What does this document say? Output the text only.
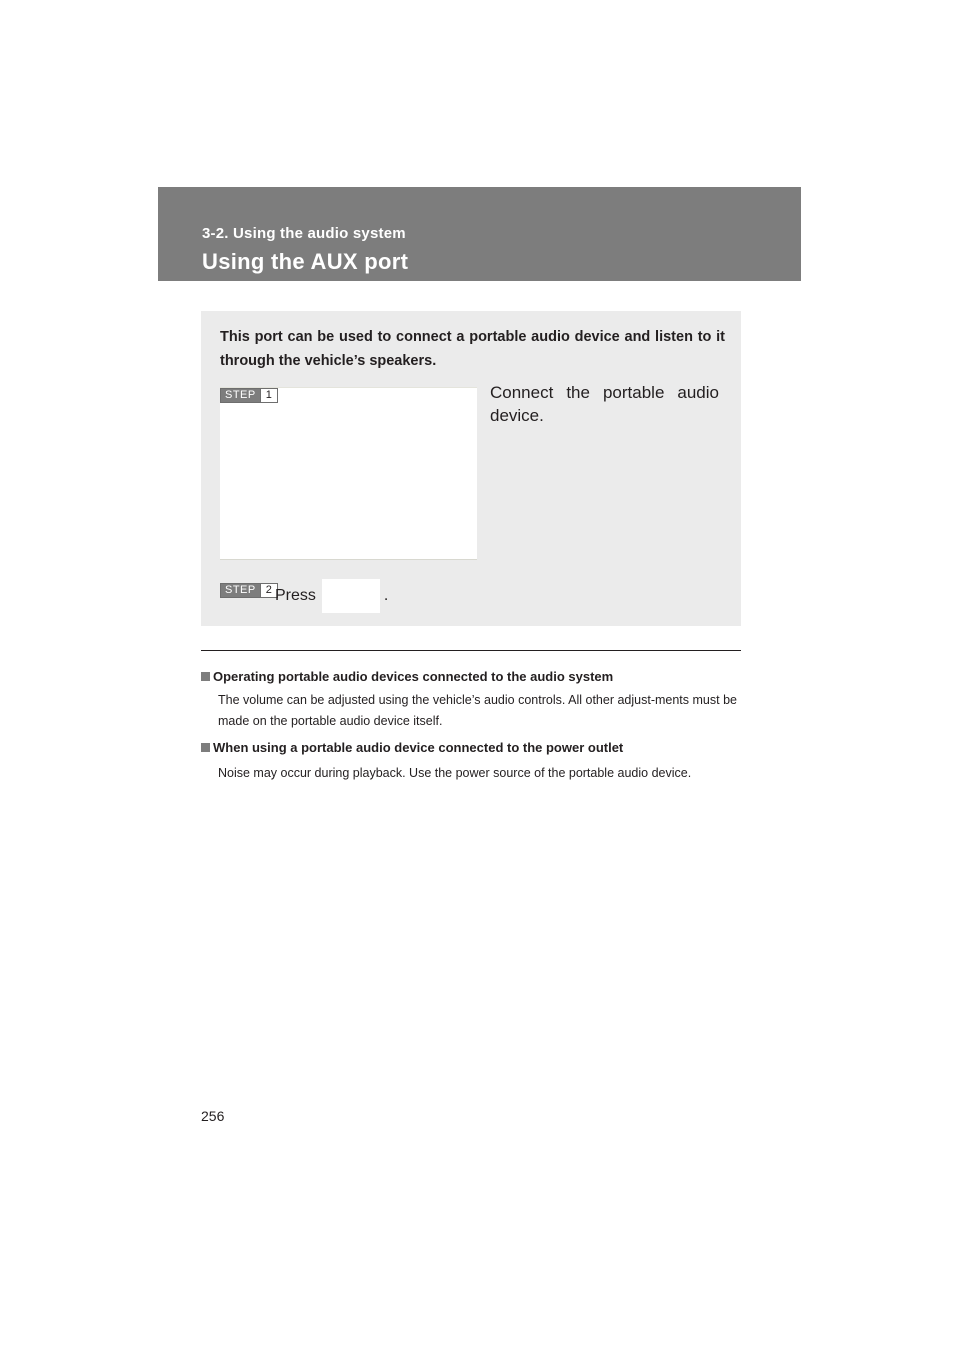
3-2. Using the audio system
Using the AUX port
This port can be used to connect a portable audio device and listen to it through the vehicle’s speakers.
STEP 1	Connect the portable audio device.
STEP 2 Press	.
Operating portable audio devices connected to the audio system
The volume can be adjusted using the vehicle’s audio controls. All other adjust-ments must be made on the portable audio device itself.
When using a portable audio device connected to the power outlet
Noise may occur during playback. Use the power source of the portable audio device.
256
